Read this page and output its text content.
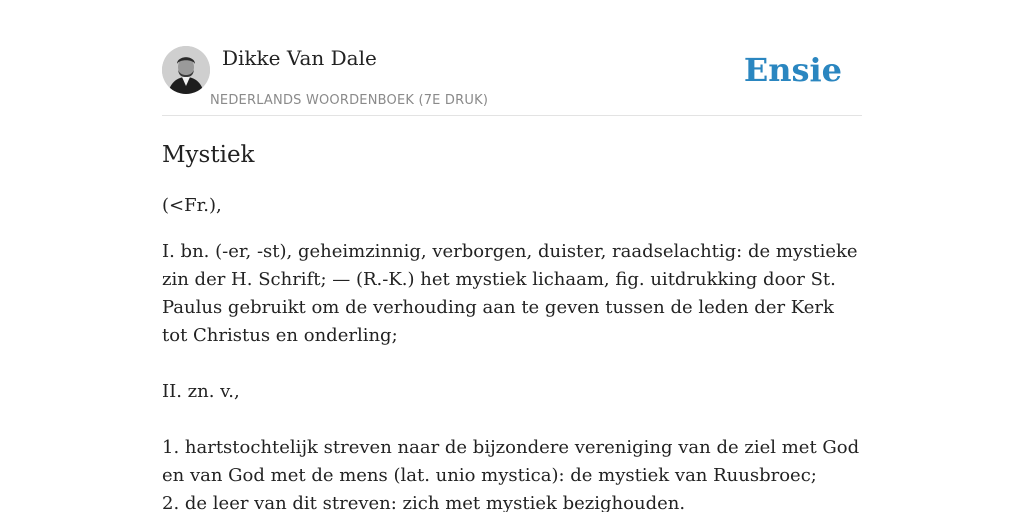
Dikke Van Dale
NEDERLANDS WOORDENBOEK (7E DRUK)
Ensie
Mystiek

(<Fr.),

I. bn. (-er, -st), geheimzinnig, verborgen, duister, raadselachtig: de mystieke zin der H. Schrift; — (R.-K.) het mystiek lichaam, fig. uitdrukking door St. Paulus gebruikt om de verhouding aan te geven tussen de leden der Kerk tot Christus en onderling;

II. zn. v.,

1. hartstochtelijk streven naar de bijzondere vereniging van de ziel met God en van God met de mens (lat. unio mystica): de mystiek van Ruusbroec;

2. de leer van dit streven: zich met mystiek bezighouden.
